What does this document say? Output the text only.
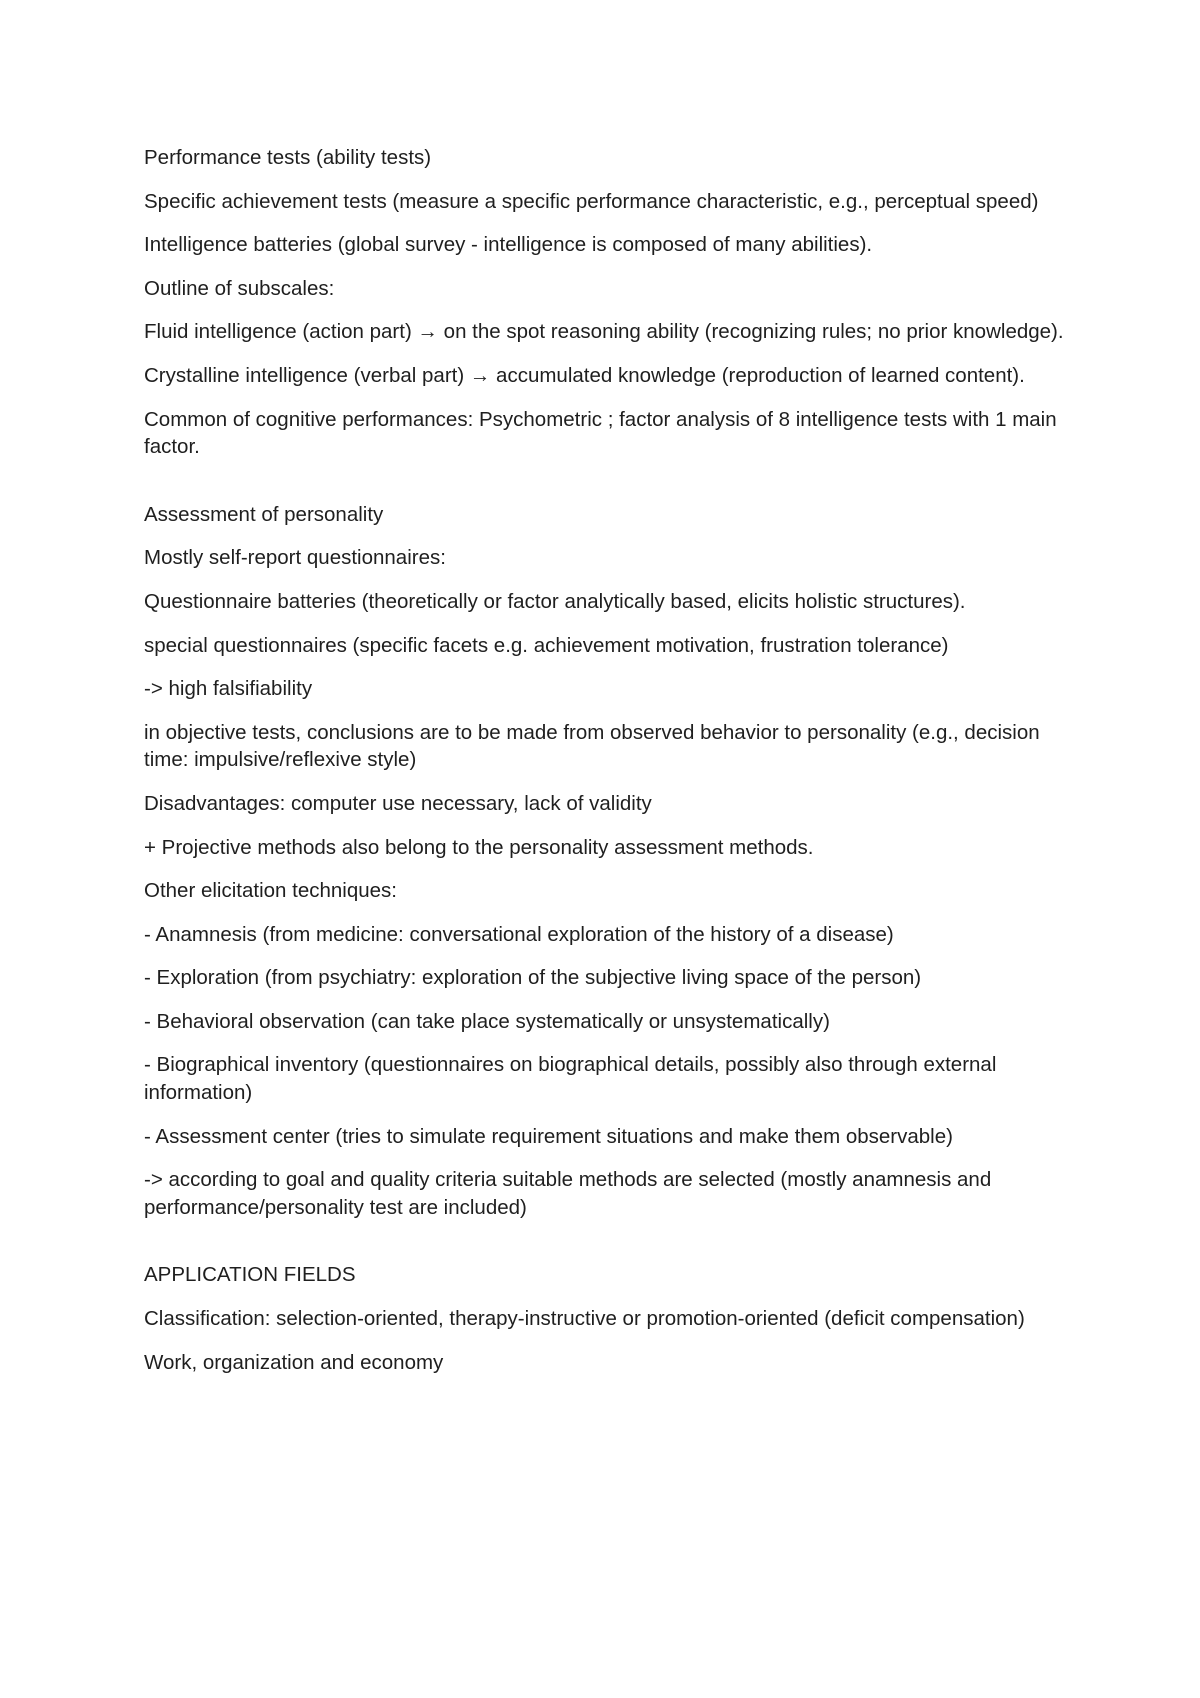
Performance tests (ability tests)

Specific achievement tests (measure a specific performance characteristic, e.g., perceptual speed)

Intelligence batteries (global survey - intelligence is composed of many abilities).

Outline of subscales:

Fluid intelligence (action part) → on the spot reasoning ability (recognizing rules; no prior knowledge).

Crystalline intelligence (verbal part) → accumulated knowledge (reproduction of learned content).

Common of cognitive performances: Psychometric ; factor analysis of 8 intelligence tests with 1 main factor.

Assessment of personality

Mostly self-report questionnaires:

Questionnaire batteries (theoretically or factor analytically based, elicits holistic structures).

special questionnaires (specific facets e.g. achievement motivation, frustration tolerance)

-> high falsifiability

in objective tests, conclusions are to be made from observed behavior to personality (e.g., decision time: impulsive/reflexive style)

Disadvantages: computer use necessary, lack of validity

+ Projective methods also belong to the personality assessment methods.

Other elicitation techniques:

- Anamnesis (from medicine: conversational exploration of the history of a disease)

- Exploration (from psychiatry: exploration of the subjective living space of the person)

- Behavioral observation (can take place systematically or unsystematically)

- Biographical inventory (questionnaires on biographical details, possibly also through external information)

- Assessment center (tries to simulate requirement situations and make them observable)

-> according to goal and quality criteria suitable methods are selected (mostly anamnesis and performance/personality test are included)

APPLICATION FIELDS

Classification: selection-oriented, therapy-instructive or promotion-oriented (deficit compensation)

Work, organization and economy
